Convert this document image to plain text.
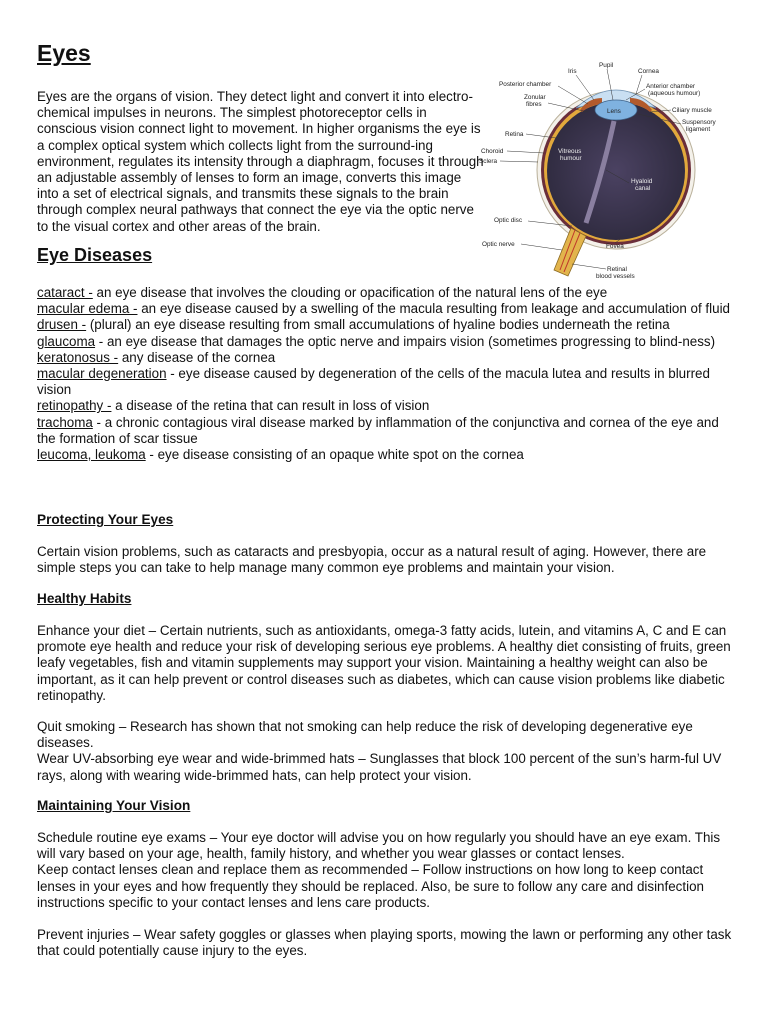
Eyes

Eyes are the organs of vision. They detect light and convert it into electro-chemical impulses in neurons. The simplest photoreceptor cells in conscious vision connect light to movement. In higher organisms the eye is a complex optical system which collects light from the surround-ing environment, regulates its intensity through a diaphragm, focuses it through an adjustable assembly of lenses to form an image, converts this image into a set of electrical signals, and transmits these signals to the brain through complex neural pathways that connect the eye via the optic nerve to the visual cortex and other areas of the brain.

Pupil
Iris	Cornea
Posterior chamber	Anterior chamber
(aqueous humour)
Zonular
fibres
Lens	Ciliary muscle
Suspensory
ligament
Retina
Choroid
Sclera
Vitreous
humour
Hyaloid
canal
Optic disc
Optic nerve	Fovea
Retinal
blood vessels
Eye Diseases

cataract - an eye disease that involves the clouding or opacification of the natural lens of the eye

macular edema - an eye disease caused by a swelling of the macula resulting from leakage and accumulation of fluid

drusen - (plural) an eye disease resulting from small accumulations of hyaline bodies underneath the retina

glaucoma - an eye disease that damages the optic nerve and impairs vision (sometimes progressing to blind-ness)

keratonosus - any disease of the cornea

macular degeneration - eye disease caused by degeneration of the cells of the macula lutea and results in blurred vision

retinopathy - a disease of the retina that can result in loss of vision

trachoma - a chronic contagious viral disease marked by inflammation of the conjunctiva and cornea of the eye and the formation of scar tissue

leucoma, leukoma - eye disease consisting of an opaque white spot on the cornea

Protecting Your Eyes

Certain vision problems, such as cataracts and presbyopia, occur as a natural result of aging. However, there are simple steps you can take to help manage many common eye problems and maintain your vision.

Healthy Habits

Enhance your diet – Certain nutrients, such as antioxidants, omega-3 fatty acids, lutein, and vitamins A, C and E can promote eye health and reduce your risk of developing serious eye problems. A healthy diet consisting of fruits, green leafy vegetables, fish and vitamin supplements may support your vision. Maintaining a healthy weight can also be important, as it can help prevent or control diseases such as diabetes, which can cause vision problems like diabetic retinopathy.

Quit smoking – Research has shown that not smoking can help reduce the risk of developing degenerative eye diseases.
Wear UV-absorbing eye wear and wide-brimmed hats – Sunglasses that block 100 percent of the sun’s harm-ful UV rays, along with wearing wide-brimmed hats, can help protect your vision.
Maintaining Your Vision
Schedule routine eye exams – Your eye doctor will advise you on how regularly you should have an eye exam. This will vary based on your age, health, family history, and whether you wear glasses or contact lenses.
Keep contact lenses clean and replace them as recommended – Follow instructions on how long to keep contact lenses in your eyes and how frequently they should be replaced. Also, be sure to follow any care and disinfection instructions specific to your contact lenses and lens care products.

Prevent injuries – Wear safety goggles or glasses when playing sports, mowing the lawn or performing any other task that could potentially cause injury to the eyes.
